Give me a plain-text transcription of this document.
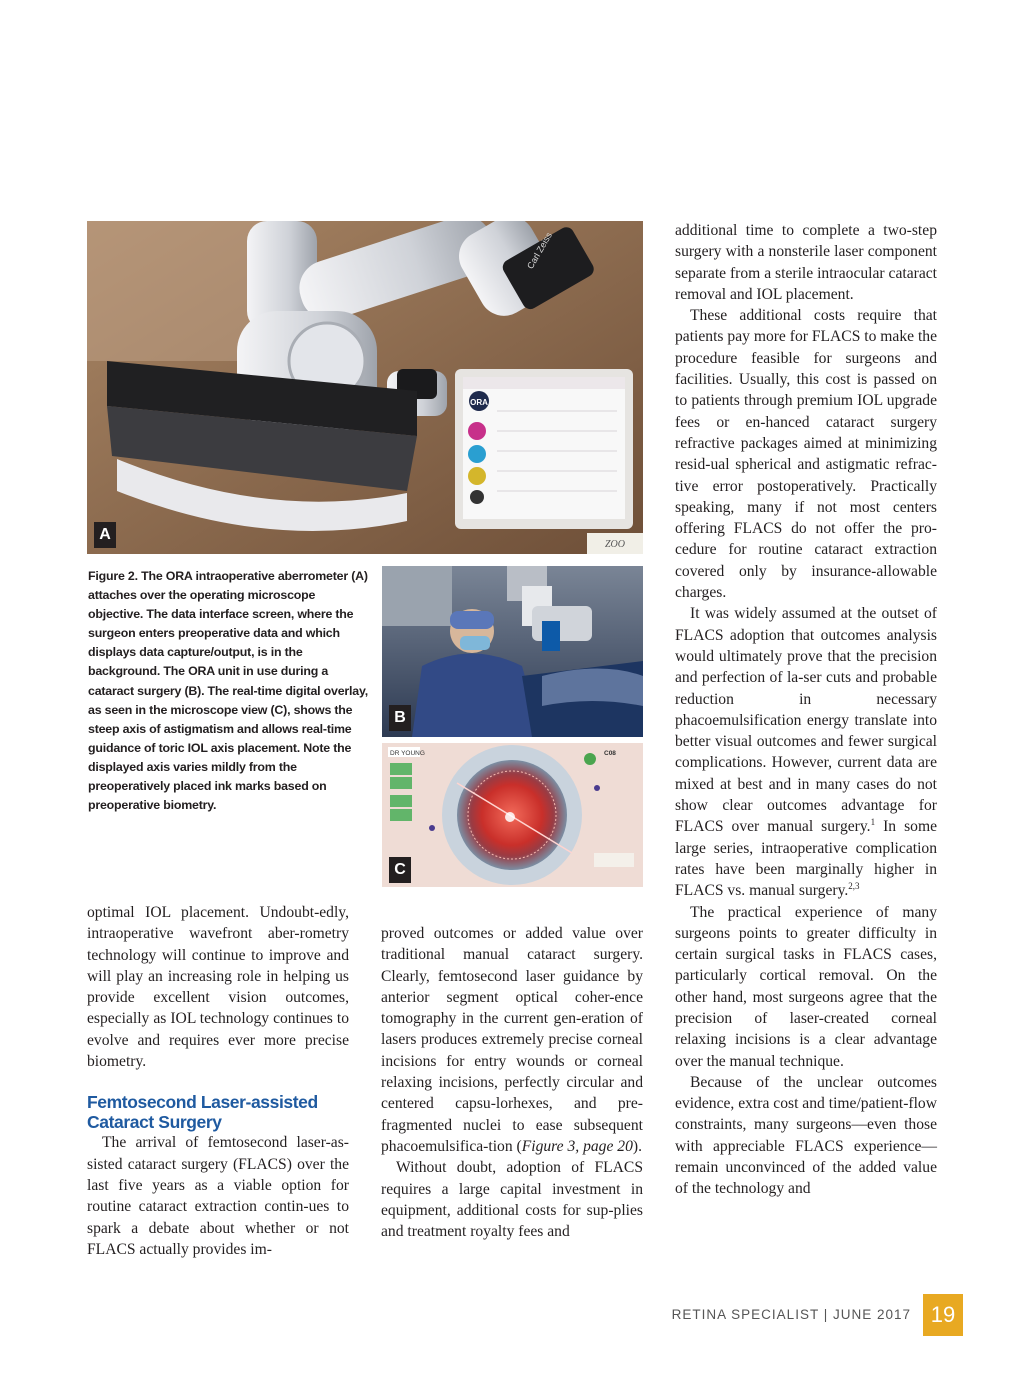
Carl Zeiss
ORA
ZOO
A
Figure 2. The ORA intraoperative aberrometer (A) attaches over the operating microscope objective. The data interface screen, where the surgeon enters preoperative data and which displays data capture/output, is in the background. The ORA unit in use during a cataract surgery (B). The real-time digital overlay, as seen in the microscope view (C), shows the steep axis of astigmatism and allows real-time guidance of toric IOL axis placement. Note the displayed axis varies mildly from the preoperatively placed ink marks based on preoperative biometry.
B
DR YOUNG	C08
C

optimal IOL placement. Undoubt-edly, intraoperative wavefront aber-rometry technology will continue to improve and will play an increasing role in helping us provide excellent vision outcomes, especially as IOL technology continues to evolve and requires ever more precise biometry.

Femtosecond Laser-assisted
Cataract Surgery

The arrival of femtosecond laser-as-sisted cataract surgery (FLACS) over the last five years as a viable option for routine cataract extraction contin-ues to spark a debate about whether or not FLACS actually provides im-

proved outcomes or added value over traditional manual cataract surgery. Clearly, femtosecond laser guidance by anterior segment optical coher-ence tomography in the current gen-eration of lasers produces extremely precise corneal incisions for entry wounds or corneal relaxing incisions, perfectly circular and centered capsu-lorhexes, and pre-fragmented nuclei to ease subsequent phacoemulsifica-tion (Figure 3, page 20).

Without doubt, adoption of FLACS requires a large capital investment in equipment, additional costs for sup-plies and treatment royalty fees and

additional time to complete a two-step surgery with a nonsterile laser component separate from a sterile intraocular cataract removal and IOL placement.

These additional costs require that patients pay more for FLACS to make the procedure feasible for surgeons and facilities. Usually, this cost is passed on to patients through premium IOL upgrade fees or en-hanced cataract surgery refractive packages aimed at minimizing resid-ual spherical and astigmatic refrac-tive error postoperatively. Practically speaking, many if not most centers offering FLACS do not offer the pro-cedure for routine cataract extraction covered only by insurance-allowable charges.

It was widely assumed at the outset of FLACS adoption that outcomes analysis would ultimately prove that the precision and perfection of la-ser cuts and probable reduction in necessary phacoemulsification energy translate into better visual outcomes and fewer surgical complications. However, current data are mixed at best and in many cases do not show clear outcomes advantage for FLACS over manual surgery.$^1$ In some large series, intraoperative complication rates have been marginally higher in FLACS vs. manual surgery.$^{2,3}$

The practical experience of many surgeons points to greater difficulty in certain surgical tasks in FLACS cases, particularly cortical removal. On the other hand, most surgeons agree that the precision of laser-created corneal relaxing incisions is a clear advantage over the manual technique.

Because of the unclear outcomes evidence, extra cost and time/patient-flow constraints, many surgeons—even those with appreciable FLACS experience—remain unconvinced of the added value of the technology and

RETINA SPECIALIST | JUNE 2017 19
